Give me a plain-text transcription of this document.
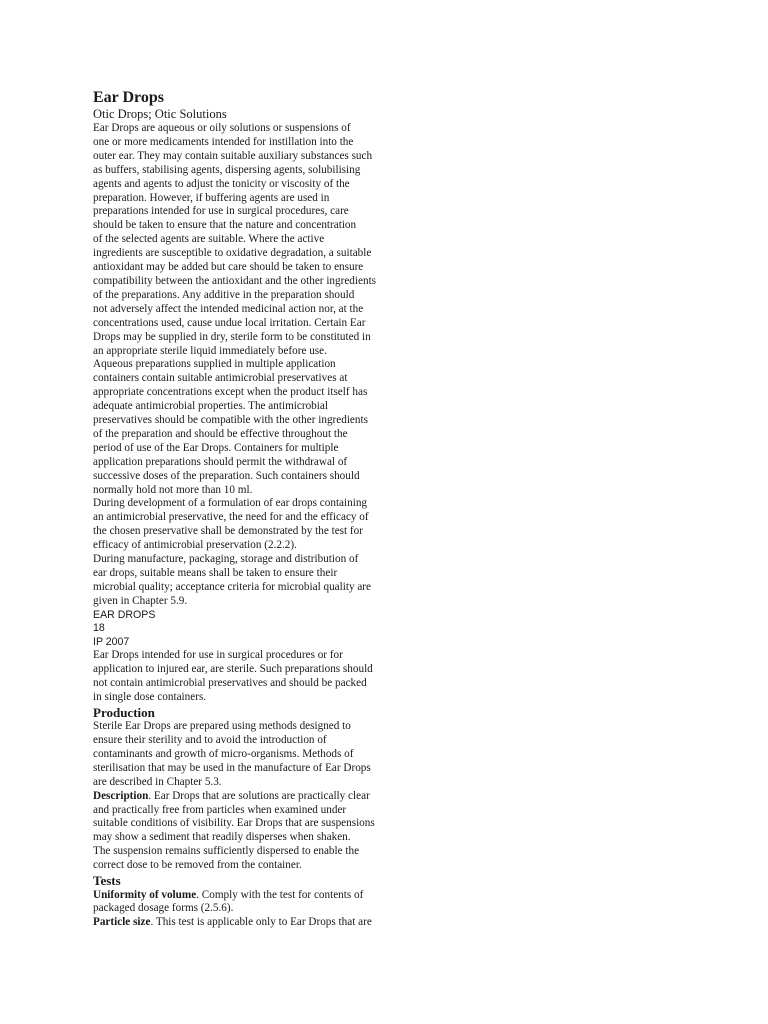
Ear Drops
Otic Drops; Otic Solutions
Ear Drops are aqueous or oily solutions or suspensions of
one or more medicaments intended for instillation into the
outer ear. They may contain suitable auxiliary substances such
as buffers, stabilising agents, dispersing agents, solubilising
agents and agents to adjust the tonicity or viscosity of the
preparation. However, if buffering agents are used in
preparations intended for use in surgical procedures, care
should be taken to ensure that the nature and concentration
of the selected agents are suitable. Where the active
ingredients are susceptible to oxidative degradation, a suitable
antioxidant may be added but care should be taken to ensure
compatibility between the antioxidant and the other ingredients
of the preparations. Any additive in the preparation should
not adversely affect the intended medicinal action nor, at the
concentrations used, cause undue local irritation. Certain Ear
Drops may be supplied in dry, sterile form to be constituted in
an appropriate sterile liquid immediately before use.
Aqueous preparations supplied in multiple application
containers contain suitable antimicrobial preservatives at
appropriate concentrations except when the product itself has
adequate antimicrobial properties. The antimicrobial
preservatives should be compatible with the other ingredients
of the preparation and should be effective throughout the
period of use of the Ear Drops. Containers for multiple
application preparations should permit the withdrawal of
successive doses of the preparation. Such containers should
normally hold not more than 10 ml.
During development of a formulation of ear drops containing
an antimicrobial preservative, the need for and the efficacy of
the chosen preservative shall be demonstrated by the test for
efficacy of antimicrobial preservation (2.2.2).
During manufacture, packaging, storage and distribution of
ear drops, suitable means shall be taken to ensure their
microbial quality; acceptance criteria for microbial quality are
given in Chapter 5.9.
EAR DROPS
18
IP 2007
Ear Drops intended for use in surgical procedures or for
application to injured ear, are sterile. Such preparations should
not contain antimicrobial preservatives and should be packed
in single dose containers.
Production
Sterile Ear Drops are prepared using methods designed to
ensure their sterility and to avoid the introduction of
contaminants and growth of micro-organisms. Methods of
sterilisation that may be used in the manufacture of Ear Drops
are described in Chapter 5.3.
Description. Ear Drops that are solutions are practically clear
and practically free from particles when examined under
suitable conditions of visibility. Ear Drops that are suspensions
may show a sediment that readily disperses when shaken.
The suspension remains sufficiently dispersed to enable the
correct dose to be removed from the container.
Tests
Uniformity of volume. Comply with the test for contents of
packaged dosage forms (2.5.6).
Particle size. This test is applicable only to Ear Drops that are
